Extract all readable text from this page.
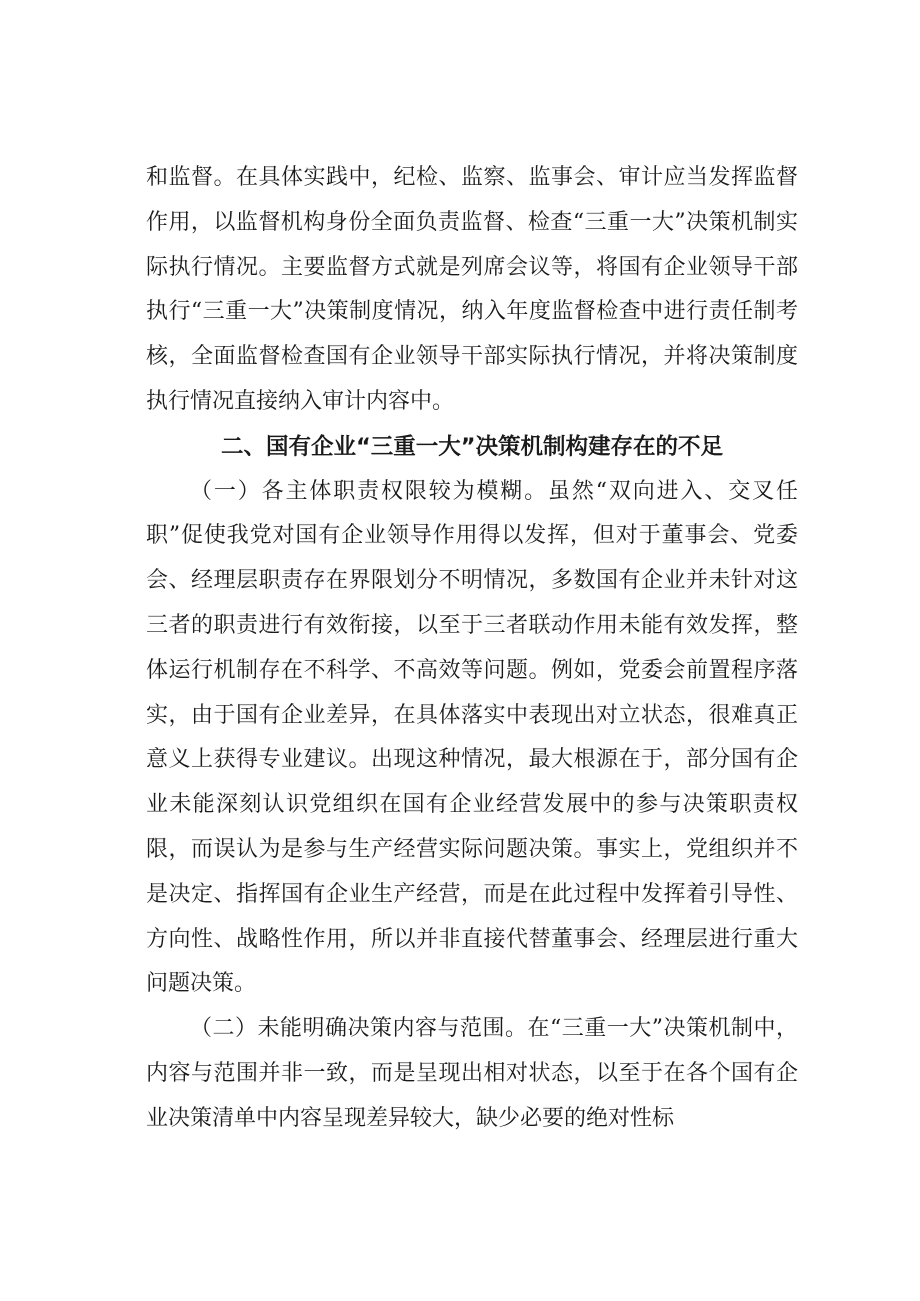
和监督。在具体实践中，纪检、监察、监事会、审计应当发挥监督作用，以监督机构身份全面负责监督、检查“三重一大”决策机制实际执行情况。主要监督方式就是列席会议等，将国有企业领导干部执行“三重一大”决策制度情况，纳入年度监督检查中进行责任制考核，全面监督检查国有企业领导干部实际执行情况，并将决策制度执行情况直接纳入审计内容中。

二、国有企业“三重一大”决策机制构建存在的不足

（一）各主体职责权限较为模糊。虽然“双向进入、交叉任职”促使我党对国有企业领导作用得以发挥，但对于董事会、党委会、经理层职责存在界限划分不明情况，多数国有企业并未针对这三者的职责进行有效衔接，以至于三者联动作用未能有效发挥，整体运行机制存在不科学、不高效等问题。例如，党委会前置程序落实，由于国有企业差异，在具体落实中表现出对立状态，很难真正意义上获得专业建议。出现这种情况，最大根源在于，部分国有企业未能深刻认识党组织在国有企业经营发展中的参与决策职责权限，而误认为是参与生产经营实际问题决策。事实上，党组织并不是决定、指挥国有企业生产经营，而是在此过程中发挥着引导性、方向性、战略性作用，所以并非直接代替董事会、经理层进行重大问题决策。

（二）未能明确决策内容与范围。在“三重一大”决策机制中，内容与范围并非一致，而是呈现出相对状态，以至于在各个国有企业决策清单中内容呈现差异较大，缺少必要的绝对性标
